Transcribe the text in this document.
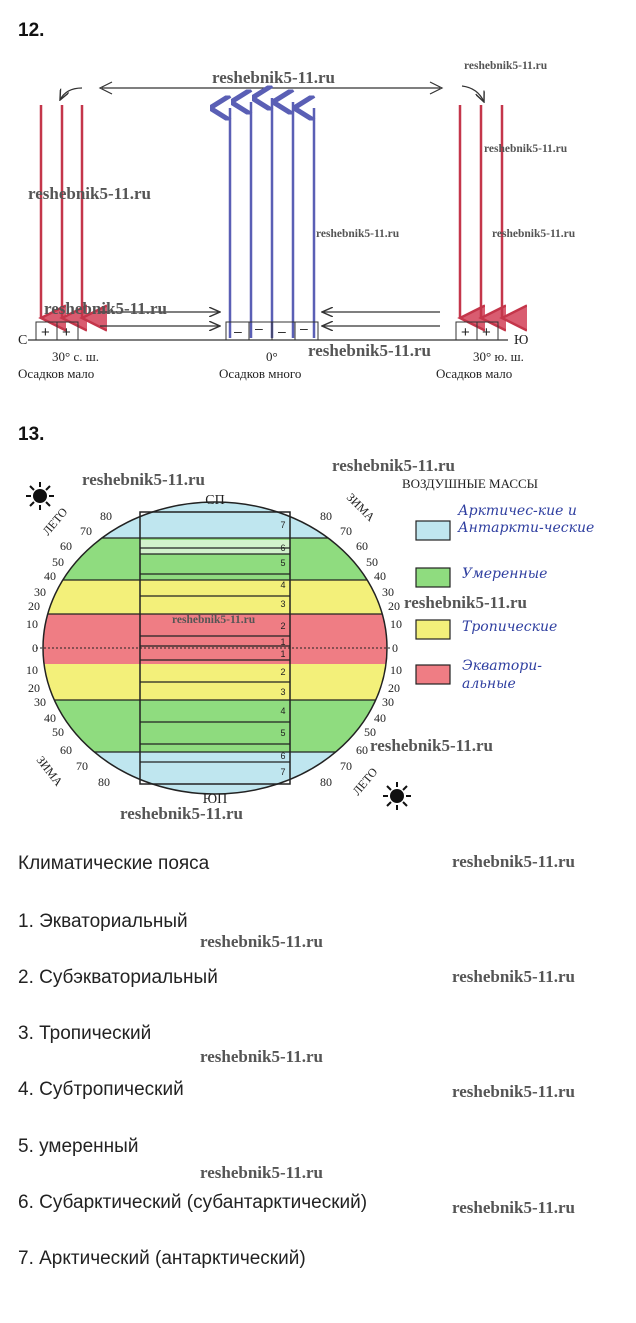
12.
+ +	+ +
– – – –
С	Ю
30° с. ш.	0°	30° ю. ш.
Осадков мало	Осадков много	Осадков мало
reshebnik5-11.ru
reshebnik5-11.ru
reshebnik5-11.ru
reshebnik5-11.ru
reshebnik5-11.ru	reshebnik5-11.ru
reshebnik5-11.ru
reshebnik5-11.ru
13.
7
6
5
4
3
2
1
1
2
3
4
5
6
7
80
70
60
50
40
30
20
10
0
10
20
30
40
50
60
70
80
80
70
60
50
40
30
20
10
0
10
20
30
40
50
60
70
80
СП
ЮП
ЛЕТО	ЗИМА
ЗИМА	ЛЕТО
ВОЗДУШНЫЕ МАССЫ
Арктичес-кие и Антаркти-ческие
Умеренные
Тропические
Экватори-альные
reshebnik5-11.ru
reshebnik5-11.ru
reshebnik5-11.ru
reshebnik5-11.ru
reshebnik5-11.ru
reshebnik5-11.ru
Климатические пояса
1. Экваториальный
2. Субэкваториальный
3. Тропический
4. Субтропический
5. умеренный
6. Субарктический (субантарктический)
7. Арктический (антарктический)
reshebnik5-11.ru
reshebnik5-11.ru
reshebnik5-11.ru
reshebnik5-11.ru
reshebnik5-11.ru
reshebnik5-11.ru
reshebnik5-11.ru
